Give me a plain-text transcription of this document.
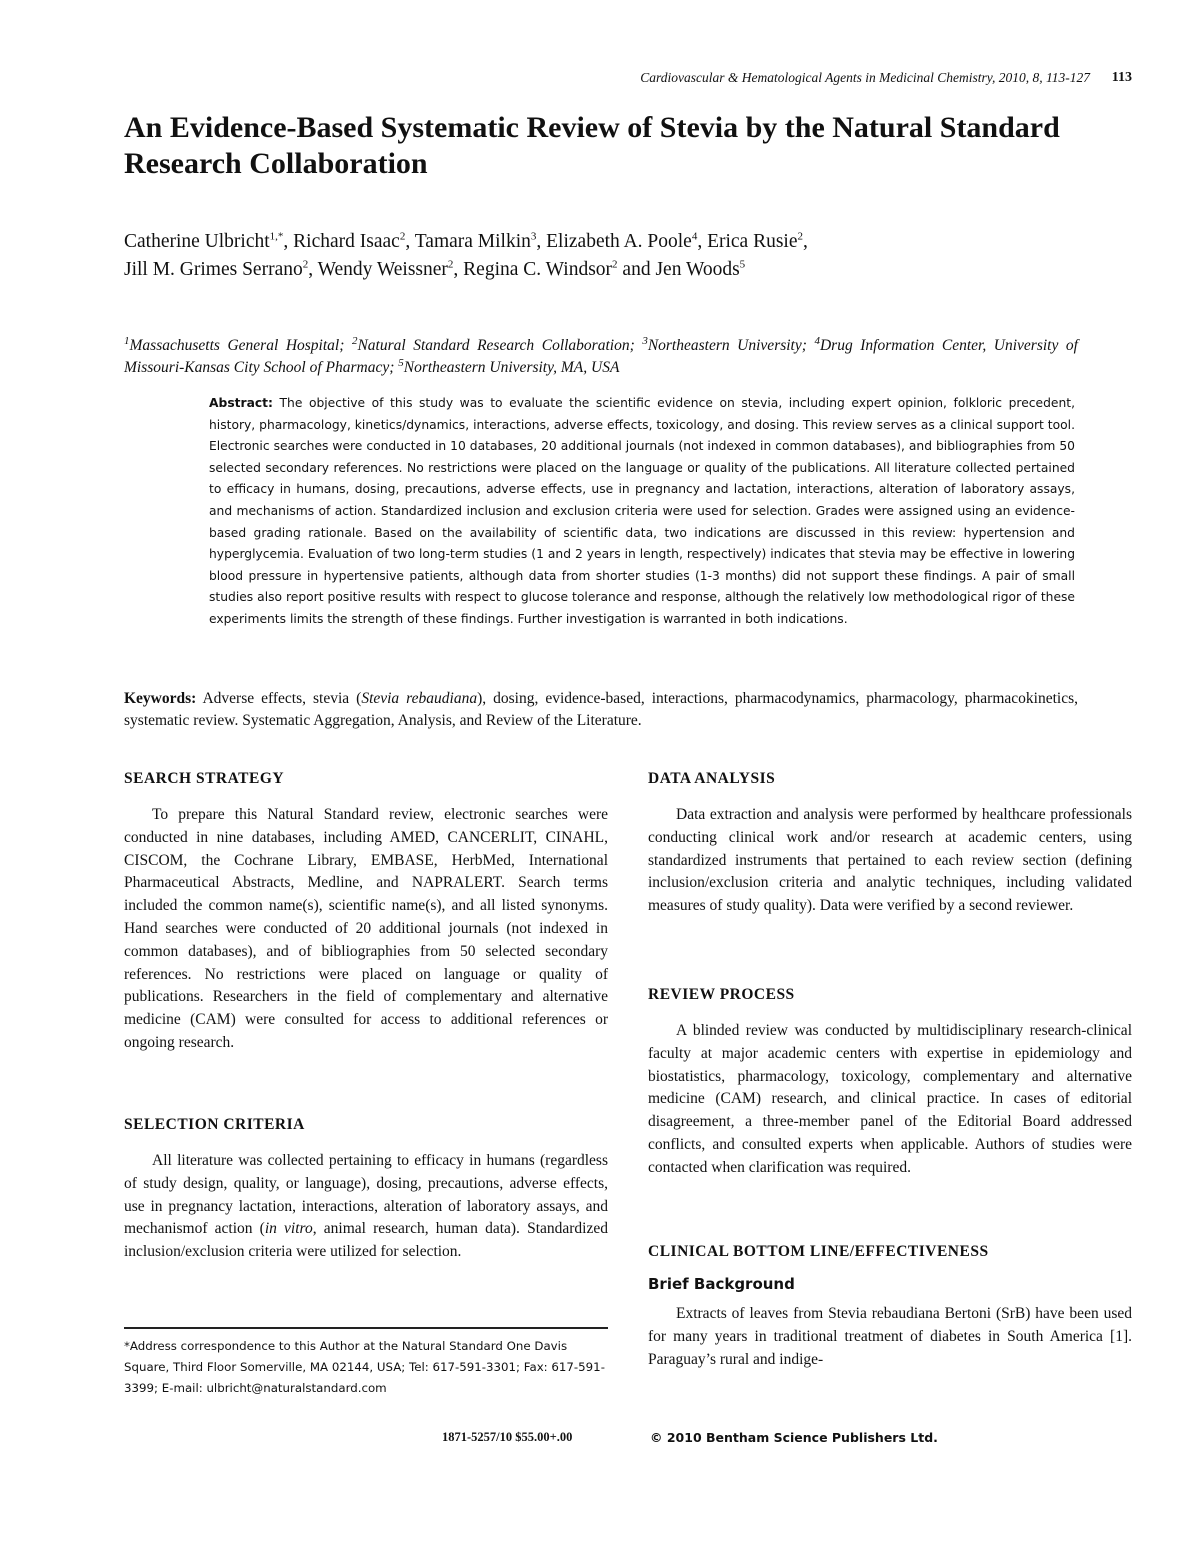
Cardiovascular & Hematological Agents in Medicinal Chemistry, 2010, 8, 113-127	113
An Evidence-Based Systematic Review of Stevia by the Natural Standard Research Collaboration
Catherine Ulbricht$^{1,*}$, Richard Isaac$^2$, Tamara Milkin$^3$, Elizabeth A. Poole$^4$, Erica Rusie$^2$,
Jill M. Grimes Serrano$^2$, Wendy Weissner$^2$, Regina C. Windsor$^2$ and Jen Woods$^5$
$^1$Massachusetts General Hospital; $^2$Natural Standard Research Collaboration; $^3$Northeastern University; $^4$Drug Information Center, University of Missouri-Kansas City School of Pharmacy; $^5$Northeastern University, MA, USA

Abstract: The objective of this study was to evaluate the scientific evidence on stevia, including expert opinion, folkloric precedent, history, pharmacology, kinetics/dynamics, interactions, adverse effects, toxicology, and dosing. This review serves as a clinical support tool. Electronic searches were conducted in 10 databases, 20 additional journals (not indexed in common databases), and bibliographies from 50 selected secondary references. No restrictions were placed on the language or quality of the publications. All literature collected pertained to efficacy in humans, dosing, precautions, adverse effects, use in pregnancy and lactation, interactions, alteration of laboratory assays, and mechanisms of action. Standardized inclusion and exclusion criteria were used for selection. Grades were assigned using an evidence-based grading rationale. Based on the availability of scientific data, two indications are discussed in this review: hypertension and hyperglycemia. Evaluation of two long-term studies (1 and 2 years in length, respectively) indicates that stevia may be effective in lowering blood pressure in hypertensive patients, although data from shorter studies (1-3 months) did not support these findings. A pair of small studies also report positive results with respect to glucose tolerance and response, although the relatively low methodological rigor of these experiments limits the strength of these findings. Further investigation is warranted in both indications.

Keywords: Adverse effects, stevia (Stevia rebaudiana), dosing, evidence-based, interactions, pharmacodynamics, pharmacology, pharmacokinetics, systematic review. Systematic Aggregation, Analysis, and Review of the Literature.

SEARCH STRATEGY

To prepare this Natural Standard review, electronic searches were conducted in nine databases, including AMED, CANCERLIT, CINAHL, CISCOM, the Cochrane Library, EMBASE, HerbMed, International Pharmaceutical Abstracts, Medline, and NAPRALERT. Search terms included the common name(s), scientific name(s), and all listed synonyms. Hand searches were conducted of 20 additional journals (not indexed in common databases), and of bibliographies from 50 selected secondary references. No restrictions were placed on language or quality of publications. Researchers in the field of complementary and alternative medicine (CAM) were consulted for access to additional references or ongoing research.

SELECTION CRITERIA

All literature was collected pertaining to efficacy in humans (regardless of study design, quality, or language), dosing, precautions, adverse effects, use in pregnancy lactation, interactions, alteration of laboratory assays, and mechanismof action (in vitro, animal research, human data). Standardized inclusion/exclusion criteria were utilized for selection.

*Address correspondence to this Author at the Natural Standard One Davis Square, Third Floor Somerville, MA 02144, USA; Tel: 617-591-3301; Fax: 617-591-3399; E-mail: ulbricht@naturalstandard.com

DATA ANALYSIS

Data extraction and analysis were performed by healthcare professionals conducting clinical work and/or research at academic centers, using standardized instruments that pertained to each review section (defining inclusion/exclusion criteria and analytic techniques, including validated measures of study quality). Data were verified by a second reviewer.

REVIEW PROCESS

A blinded review was conducted by multidisciplinary research-clinical faculty at major academic centers with expertise in epidemiology and biostatistics, pharmacology, toxicology, complementary and alternative medicine (CAM) research, and clinical practice. In cases of editorial disagreement, a three-member panel of the Editorial Board addressed conflicts, and consulted experts when applicable. Authors of studies were contacted when clarification was required.

CLINICAL BOTTOM LINE/EFFECTIVENESS
Brief Background

Extracts of leaves from Stevia rebaudiana Bertoni (SrB) have been used for many years in traditional treatment of diabetes in South America [1]. Paraguay’s rural and indige-

1871-5257/10 $55.00+.00	© 2010 Bentham Science Publishers Ltd.
